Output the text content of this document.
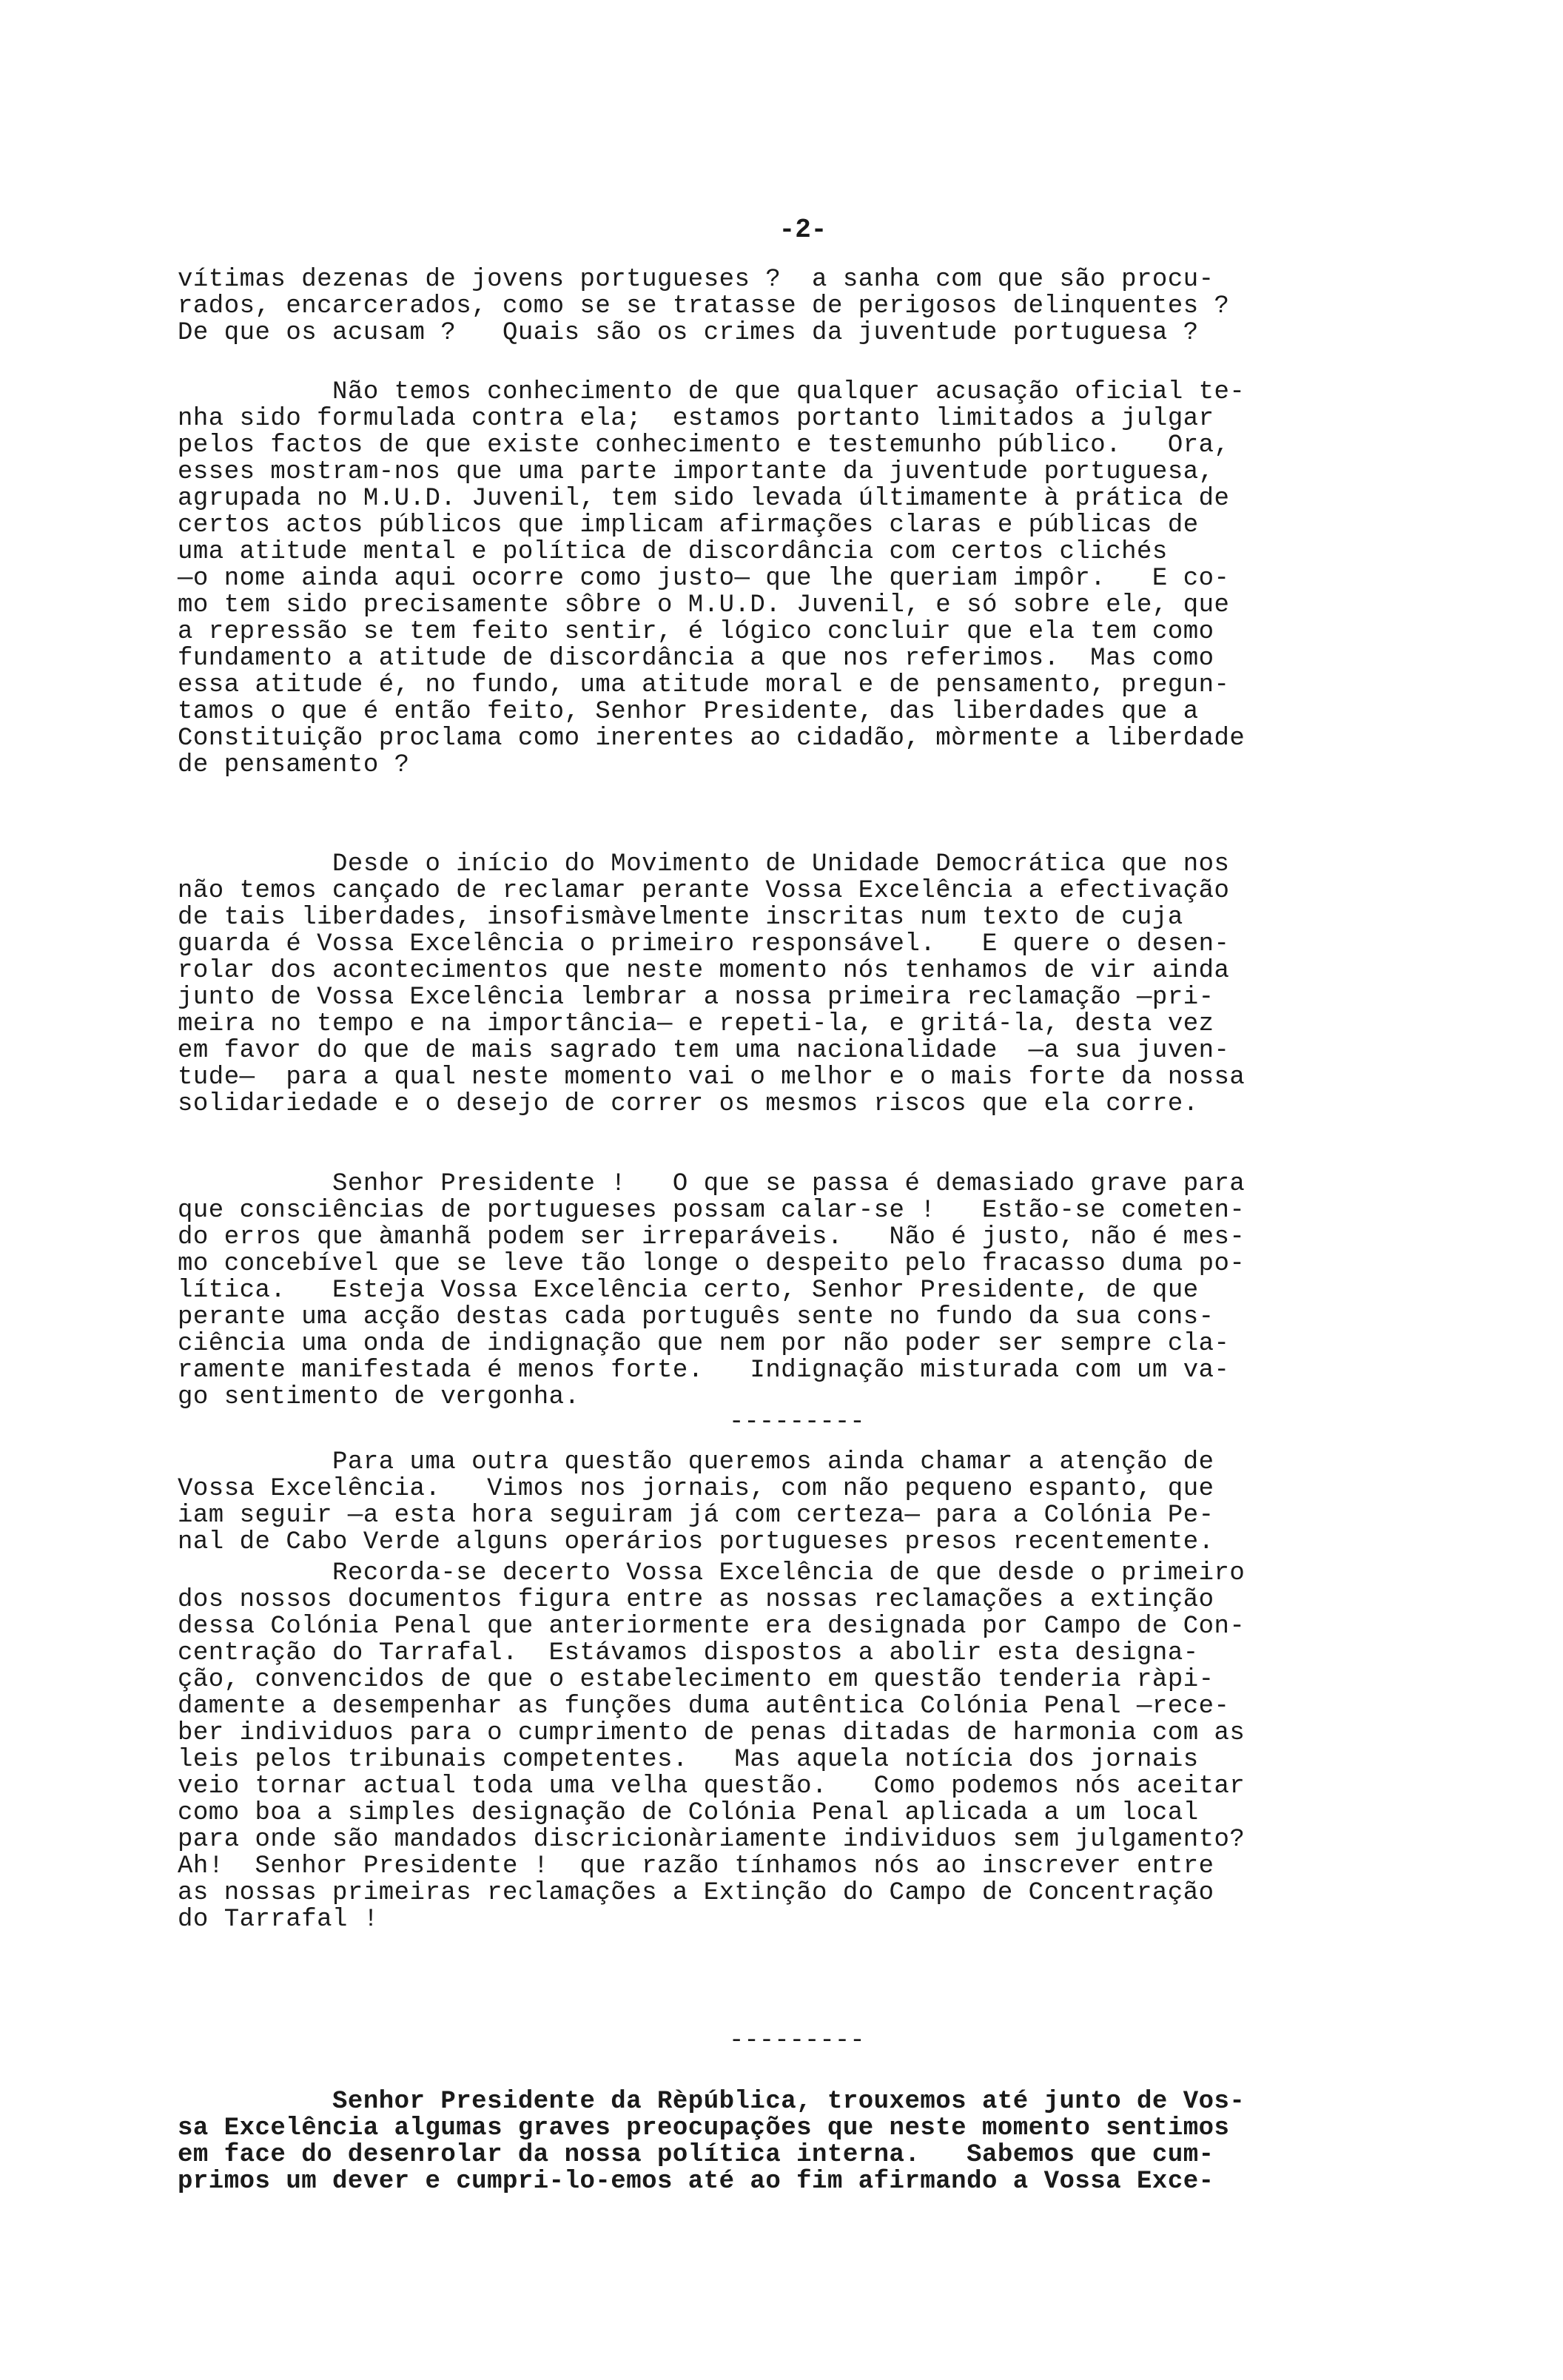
-2-
vítimas dezenas de jovens portugueses ?  a sanha com que são procu-
rados, encarcerados, como se se tratasse de perigosos delinquentes ?
De que os acusam ?   Quais são os crimes da juventude portuguesa ?
Não temos conhecimento de que qualquer acusação oficial te-
nha sido formulada contra ela;  estamos portanto limitados a julgar
pelos factos de que existe conhecimento e testemunho público.   Ora,
esses mostram-nos que uma parte importante da juventude portuguesa,
agrupada no M.U.D. Juvenil, tem sido levada últimamente à prática de
certos actos públicos que implicam afirmações claras e públicas de
uma atitude mental e política de discordância com certos clichés
—o nome ainda aqui ocorre como justo— que lhe queriam impôr.   E co-
mo tem sido precisamente sôbre o M.U.D. Juvenil, e só sobre ele, que
a repressão se tem feito sentir, é lógico concluir que ela tem como
fundamento a atitude de discordância a que nos referimos.  Mas como
essa atitude é, no fundo, uma atitude moral e de pensamento, pregun-
tamos o que é então feito, Senhor Presidente, das liberdades que a
Constituição proclama como inerentes ao cidadão, mòrmente a liberdade
de pensamento ?
Desde o início do Movimento de Unidade Democrática que nos
não temos cançado de reclamar perante Vossa Excelência a efectivação
de tais liberdades, insofismàvelmente inscritas num texto de cuja
guarda é Vossa Excelência o primeiro responsável.   E quere o desen-
rolar dos acontecimentos que neste momento nós tenhamos de vir ainda
junto de Vossa Excelência lembrar a nossa primeira reclamação —pri-
meira no tempo e na importância— e repeti-la, e gritá-la, desta vez
em favor do que de mais sagrado tem uma nacionalidade  —a sua juven-
tude—  para a qual neste momento vai o melhor e o mais forte da nossa
solidariedade e o desejo de correr os mesmos riscos que ela corre.
Senhor Presidente !   O que se passa é demasiado grave para
que consciências de portugueses possam calar-se !   Estão-se cometen-
do erros que àmanhã podem ser irreparáveis.   Não é justo, não é mes-
mo concebível que se leve tão longe o despeito pelo fracasso duma po-
lítica.   Esteja Vossa Excelência certo, Senhor Presidente, de que
perante uma acção destas cada português sente no fundo da sua cons-
ciência uma onda de indignação que nem por não poder ser sempre cla-
ramente manifestada é menos forte.   Indignação misturada com um va-
go sentimento de vergonha.
---------
Para uma outra questão queremos ainda chamar a atenção de
Vossa Excelência.   Vimos nos jornais, com não pequeno espanto, que
iam seguir —a esta hora seguiram já com certeza— para a Colónia Pe-
nal de Cabo Verde alguns operários portugueses presos recentemente.
Recorda-se decerto Vossa Excelência de que desde o primeiro
dos nossos documentos figura entre as nossas reclamações a extinção
dessa Colónia Penal que anteriormente era designada por Campo de Con-
centração do Tarrafal.  Estávamos dispostos a abolir esta designa-
ção, convencidos de que o estabelecimento em questão tenderia ràpi-
damente a desempenhar as funções duma autêntica Colónia Penal —rece-
ber individuos para o cumprimento de penas ditadas de harmonia com as
leis pelos tribunais competentes.   Mas aquela notícia dos jornais
veio tornar actual toda uma velha questão.   Como podemos nós aceitar
como boa a simples designação de Colónia Penal aplicada a um local
para onde são mandados discricionàriamente individuos sem julgamento?
Ah!  Senhor Presidente !  que razão tínhamos nós ao inscrever entre
as nossas primeiras reclamações a Extinção do Campo de Concentração
do Tarrafal !
---------
Senhor Presidente da Rèpública, trouxemos até junto de Vos-
sa Excelência algumas graves preocupações que neste momento sentimos
em face do desenrolar da nossa política interna.   Sabemos que cum-
primos um dever e cumpri-lo-emos até ao fim afirmando a Vossa Exce-
